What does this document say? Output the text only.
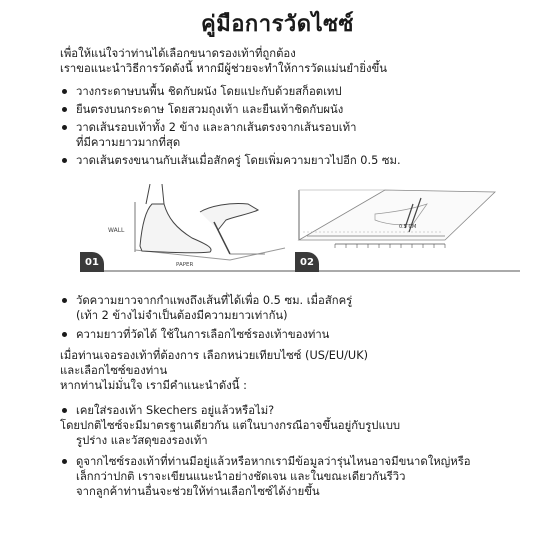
คู่มือการวัดไซซ์
เพื่อให้แน่ใจว่าท่านได้เลือกขนาดรองเท้าที่ถูกต้อง
เราขอแนะนำวิธีการวัดดังนี้ หากมีผู้ช่วยจะทำให้การวัดแม่นยำยิ่งขึ้น
วางกระดาษบนพื้น ชิดกับผนัง โดยแปะกับด้วยสก็อตเทป
ยืนตรงบนกระดาษ โดยสวมถุงเท้า และยืนเท้าชิดกับผนัง
วาดเส้นรอบเท้าทั้ง 2 ข้าง และลากเส้นตรงจากเส้นรอบเท้า
ที่มีความยาวมากที่สุด
วาดเส้นตรงขนานกับเส้นเมื่อสักครู่ โดยเพิ่มความยาวไปอีก 0.5 ซม.
WALL
PAPER
01
0.5 CM
02
วัดความยาวจากกำแพงถึงเส้นที่ได้เพื่อ 0.5 ซม. เมื่อสักครู่
(เท้า 2 ข้างไม่จำเป็นต้องมีความยาวเท่ากัน)
ความยาวที่วัดได้ ใช้ในการเลือกไซซ์รองเท้าของท่าน
เมื่อท่านเจอรองเท้าที่ต้องการ เลือกหน่วยเทียบไซซ์ (US/EU/UK)
และเลือกไซซ์ของท่าน
หากท่านไม่มั่นใจ เรามีคำแนะนำดังนี้ :
เคยใส่รองเท้า Skechers อยู่แล้วหรือไม่?
โดยปกติไซซ์จะมีมาตรฐานเดียวกัน แต่ในบางกรณีอาจขึ้นอยู่กับรูปแบบ
รูปร่าง และวัสดุของรองเท้า
ดูจากไซซ์รองเท้าที่ท่านมีอยู่แล้วหรือหากเรามีข้อมูลว่ารุ่นไหนอาจมีขนาดใหญ่หรือ
เล็กกว่าปกติ เราจะเขียนแนะนำอย่างชัดเจน และในขณะเดียวกันรีวิว
จากลูกค้าท่านอื่นจะช่วยให้ท่านเลือกไซซ์ได้ง่ายขึ้น
